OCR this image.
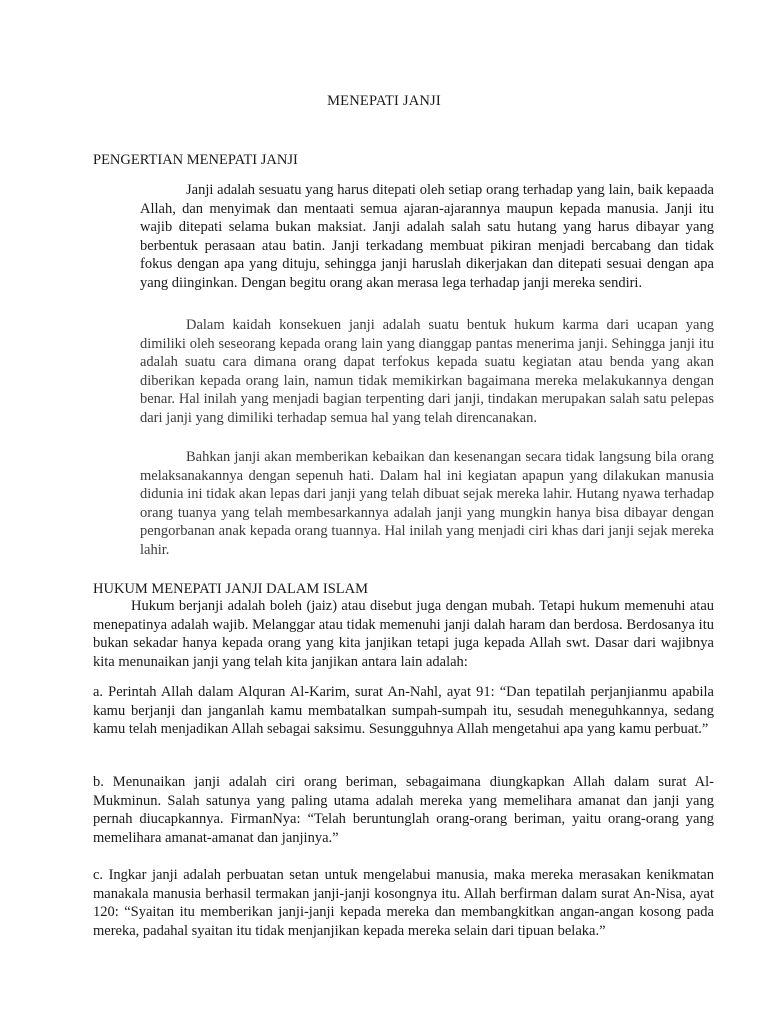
MENEPATI JANJI
PENGERTIAN MENEPATI JANJI

Janji adalah sesuatu yang harus ditepati oleh setiap orang terhadap yang lain, baik kepaada Allah, dan menyimak dan mentaati semua ajaran-ajarannya maupun kepada manusia. Janji itu wajib ditepati selama bukan maksiat. Janji adalah salah satu hutang yang harus dibayar yang berbentuk perasaan atau batin. Janji terkadang membuat pikiran menjadi bercabang dan tidak fokus dengan apa yang dituju, sehingga janji haruslah dikerjakan dan ditepati sesuai dengan apa yang diinginkan. Dengan begitu orang akan merasa lega terhadap janji mereka sendiri.

Dalam kaidah konsekuen janji adalah suatu bentuk hukum karma dari ucapan yang dimiliki oleh seseorang kepada orang lain yang dianggap pantas menerima janji. Sehingga janji itu adalah suatu cara dimana orang dapat terfokus kepada suatu kegiatan atau benda yang akan diberikan kepada orang lain, namun tidak memikirkan bagaimana mereka melakukannya dengan benar. Hal inilah yang menjadi bagian terpenting dari janji, tindakan merupakan salah satu pelepas dari janji yang dimiliki terhadap semua hal yang telah direncanakan.

Bahkan janji akan memberikan kebaikan dan kesenangan secara tidak langsung bila orang melaksanakannya dengan sepenuh hati. Dalam hal ini kegiatan apapun yang dilakukan manusia didunia ini tidak akan lepas dari janji yang telah dibuat sejak mereka lahir. Hutang nyawa terhadap orang tuanya yang telah membesarkannya adalah janji yang mungkin hanya bisa dibayar dengan pengorbanan anak kepada orang tuannya. Hal inilah yang menjadi ciri khas dari janji sejak mereka lahir.

HUKUM MENEPATI JANJI DALAM ISLAM

Hukum berjanji adalah boleh (jaiz) atau disebut juga dengan mubah. Tetapi hukum memenuhi atau menepatinya adalah wajib. Melanggar atau tidak memenuhi janji dalah haram dan berdosa. Berdosanya itu bukan sekadar hanya kepada orang yang kita janjikan tetapi juga kepada Allah swt. Dasar dari wajibnya kita menunaikan janji yang telah kita janjikan antara lain adalah:

a. Perintah Allah dalam Alquran Al-Karim, surat An-Nahl, ayat 91: “Dan tepatilah perjanjianmu apabila kamu berjanji dan janganlah kamu membatalkan sumpah-sumpah itu, sesudah meneguhkannya, sedang kamu telah menjadikan Allah sebagai saksimu. Sesungguhnya Allah mengetahui apa yang kamu perbuat.”

b. Menunaikan janji adalah ciri orang beriman, sebagaimana diungkapkan Allah dalam surat Al-Mukminun. Salah satunya yang paling utama adalah mereka yang memelihara amanat dan janji yang pernah diucapkannya. FirmanNya: “Telah beruntunglah orang-orang beriman, yaitu orang-orang yang memelihara amanat-amanat dan janjinya.”

c. Ingkar janji adalah perbuatan setan untuk mengelabui manusia, maka mereka merasakan kenikmatan manakala manusia berhasil termakan janji-janji kosongnya itu. Allah berfirman dalam surat An-Nisa, ayat 120: “Syaitan itu memberikan janji-janji kepada mereka dan membangkitkan angan-angan kosong pada mereka, padahal syaitan itu tidak menjanjikan kepada mereka selain dari tipuan belaka.”
